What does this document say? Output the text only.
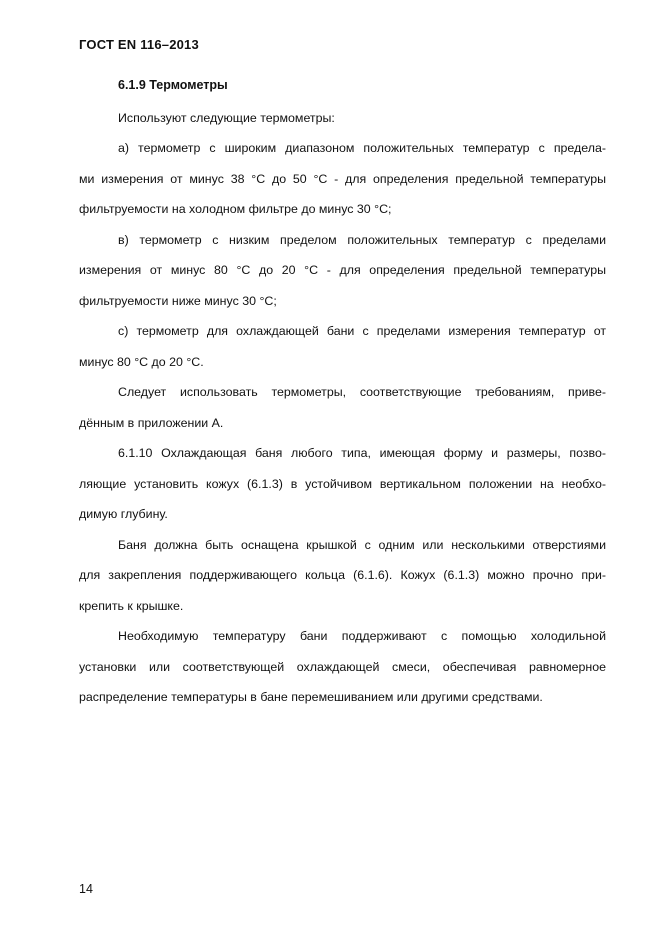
ГОСТ EN 116–2013
6.1.9 Термометры
Используют следующие термометры:
а) термометр с широким диапазоном положительных температур с предела-
ми измерения от минус 38 °С до 50 °С - для определения предельной температуры
фильтруемости на холодном фильтре до минус 30 °С;
в) термометр с низким пределом положительных температур с пределами
измерения от минус 80 °С до 20 °С - для определения предельной температуры
фильтруемости ниже минус 30 °С;
с) термометр для охлаждающей бани с пределами измерения температур от
минус 80 °С до 20 °С.
Следует использовать термометры, соответствующие требованиям, приве-
дённым в приложении А.
6.1.10 Охлаждающая баня любого типа, имеющая форму и размеры, позво-
ляющие установить кожух (6.1.3) в устойчивом вертикальном положении на необхо-
димую глубину.
Баня должна быть оснащена крышкой с одним или несколькими отверстиями
для закрепления поддерживающего кольца (6.1.6). Кожух (6.1.3) можно прочно при-
крепить к крышке.
Необходимую температуру бани поддерживают с помощью холодильной
установки или соответствующей охлаждающей смеси, обеспечивая равномерное
распределение температуры в бане перемешиванием или другими средствами.
14
